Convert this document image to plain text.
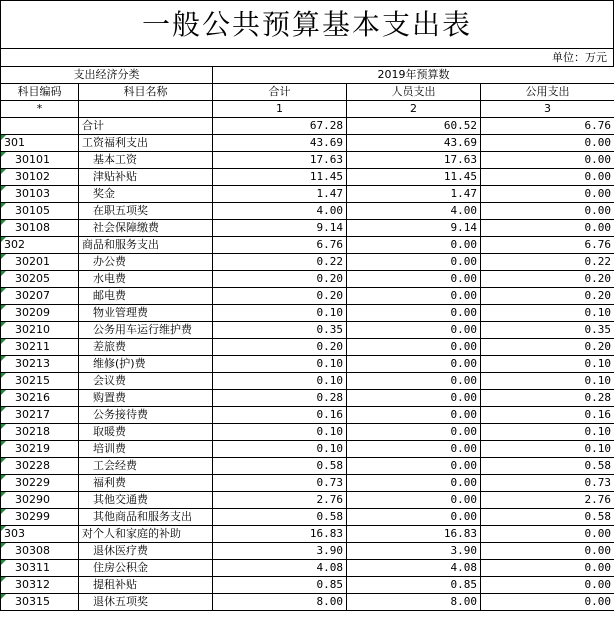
一般公共预算基本支出表
单位：万元
支出经济分类		2019年预算数		
科目编码	科目名称	合计	人员支出	公用支出
*		1	2	3
	合计	67.28	60.52	6.76

301	工资福利支出	43.69	43.69	0.00

30101	基本工资	17.63	17.63	0.00

30102	津贴补贴	11.45	11.45	0.00

30103	奖金	1.47	1.47	0.00

30105	在职五项奖	4.00	4.00	0.00

30108	社会保障缴费	9.14	9.14	0.00

302	商品和服务支出	6.76	0.00	6.76

30201	办公费	0.22	0.00	0.22

30205	水电费	0.20	0.00	0.20

30207	邮电费	0.20	0.00	0.20

30209	物业管理费	0.10	0.00	0.10

30210	公务用车运行维护费	0.35	0.00	0.35

30211	差旅费	0.20	0.00	0.20

30213	维修(护)费	0.10	0.00	0.10

30215	会议费	0.10	0.00	0.10

30216	购置费	0.28	0.00	0.28

30217	公务接待费	0.16	0.00	0.16

30218	取暖费	0.10	0.00	0.10

30219	培训费	0.10	0.00	0.10

30228	工会经费	0.58	0.00	0.58

30229	福利费	0.73	0.00	0.73

30290	其他交通费	2.76	0.00	2.76

30299	其他商品和服务支出	0.58	0.00	0.58

303	对个人和家庭的补助	16.83	16.83	0.00

30308	退休医疗费	3.90	3.90	0.00

30311	住房公积金	4.08	4.08	0.00

30312	提租补贴	0.85	0.85	0.00

30315	退休五项奖	8.00	8.00	0.00
